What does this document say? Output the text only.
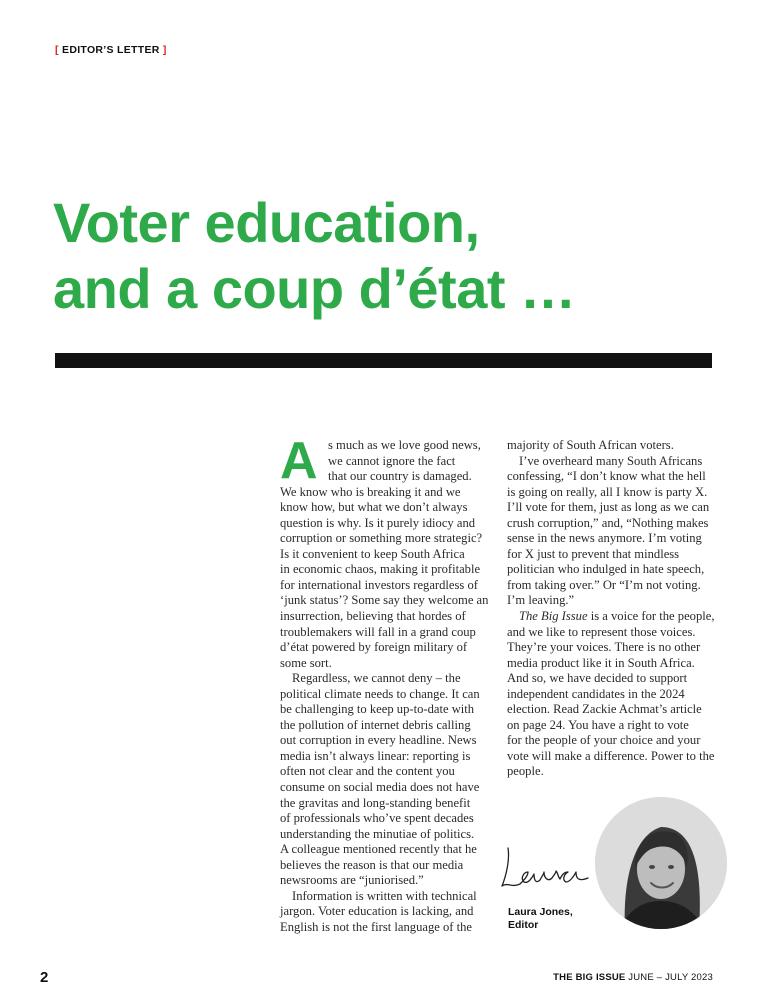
[ EDITOR’S LETTER ]
Voter education,
and a coup d’état …
A s much as we love good news,
we cannot ignore the fact
that our country is damaged.
We know who is breaking it and we
know how, but what we don’t always
question is why. Is it purely idiocy and
corruption or something more strategic?
Is it convenient to keep South Africa
in economic chaos, making it profitable
for international investors regardless of
‘junk status’? Some say they welcome an
insurrection, believing that hordes of
troublemakers will fall in a grand coup
d’état powered by foreign military of
some sort.
Regardless, we cannot deny – the
political climate needs to change. It can
be challenging to keep up-to-date with
the pollution of internet debris calling
out corruption in every headline. News
media isn’t always linear: reporting is
often not clear and the content you
consume on social media does not have
the gravitas and long-standing benefit
of professionals who’ve spent decades
understanding the minutiae of politics.
A colleague mentioned recently that he
believes the reason is that our media
newsrooms are “juniorised.”
Information is written with technical
jargon. Voter education is lacking, and
English is not the first language of the
majority of South African voters.
I’ve overheard many South Africans
confessing, “I don’t know what the hell
is going on really, all I know is party X.
I’ll vote for them, just as long as we can
crush corruption,” and, “Nothing makes
sense in the news anymore. I’m voting
for X just to prevent that mindless
politician who indulged in hate speech,
from taking over.” Or “I’m not voting.
I’m leaving.”
The Big Issue is a voice for the people,
and we like to represent those voices.
They’re your voices. There is no other
media product like it in South Africa.
And so, we have decided to support
independent candidates in the 2024
election. Read Zackie Achmat’s article
on page 24. You have a right to vote
for the people of your choice and your
vote will make a difference. Power to the
people.
Laura Jones,
Editor
2	THE BIG ISSUE JUNE – JULY 2023
